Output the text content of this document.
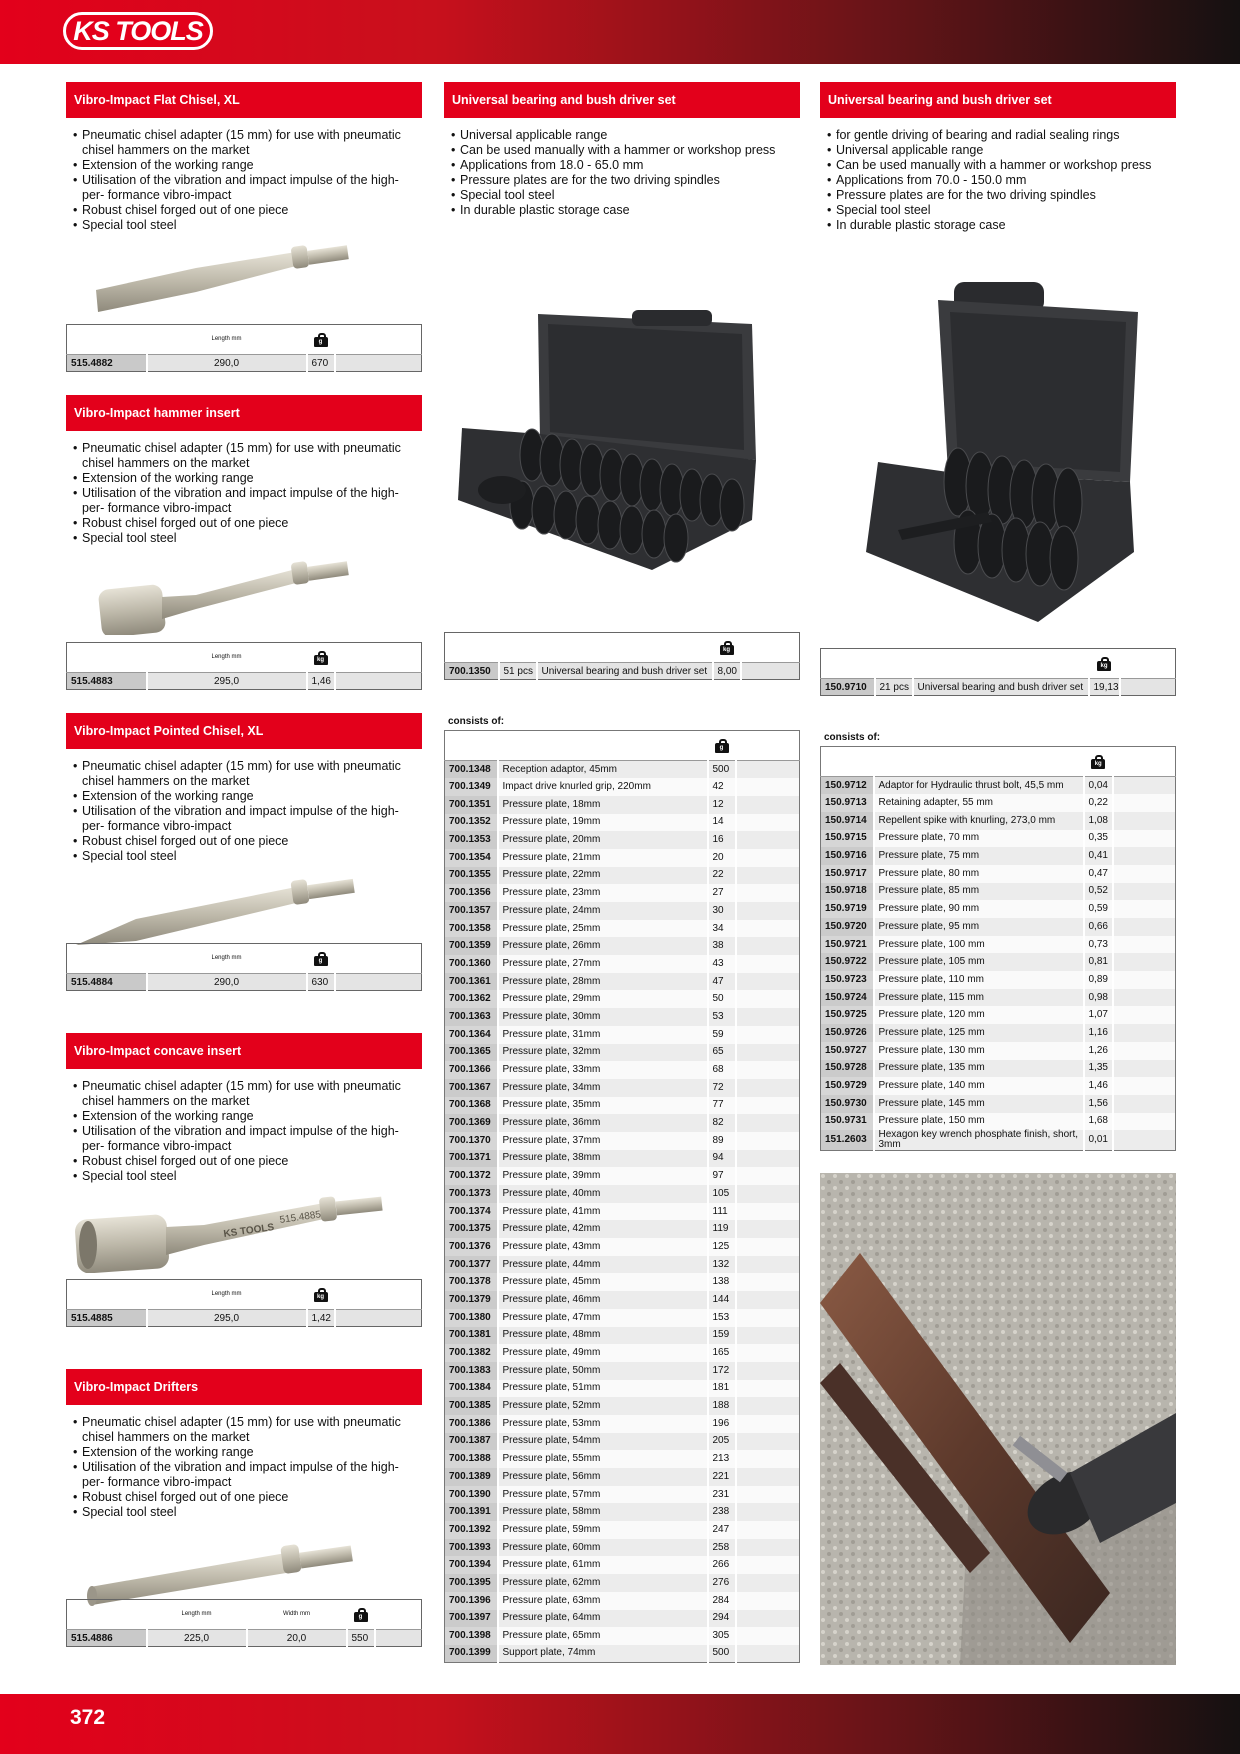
KS TOOLS
372
Vibro-Impact Flat Chisel, XL
• Pneumatic chisel adapter (15 mm) for use with pneumatic chisel hammers on the market
• Extension of the working range
• Utilisation of the vibration and impact impulse of the high-per- formance vibro-impact
• Robust chisel forged out of one piece
• Special tool steel
	Length mm	g	

515.4882	290,0	670	
Vibro-Impact hammer insert
• Pneumatic chisel adapter (15 mm) for use with pneumatic chisel hammers on the market
• Extension of the working range
• Utilisation of the vibration and impact impulse of the high-per- formance vibro-impact
• Robust chisel forged out of one piece
• Special tool steel
	Length mm	kg	

515.4883	295,0	1,46	
Vibro-Impact Pointed Chisel, XL
• Pneumatic chisel adapter (15 mm) for use with pneumatic chisel hammers on the market
• Extension of the working range
• Utilisation of the vibration and impact impulse of the high-per- formance vibro-impact
• Robust chisel forged out of one piece
• Special tool steel
	Length mm	g	

515.4884	290,0	630	
Vibro-Impact concave insert
• Pneumatic chisel adapter (15 mm) for use with pneumatic chisel hammers on the market
• Extension of the working range
• Utilisation of the vibration and impact impulse of the high-per- formance vibro-impact
• Robust chisel forged out of one piece
• Special tool steel
KS TOOLS
515.4885
	Length mm	kg	

515.4885	295,0	1,42	
Vibro-Impact Drifters
• Pneumatic chisel adapter (15 mm) for use with pneumatic chisel hammers on the market
• Extension of the working range
• Utilisation of the vibration and impact impulse of the high-per- formance vibro-impact
• Robust chisel forged out of one piece
• Special tool steel
	Length mm	Width mm	g	

515.4886	225,0	20,0	550	
Universal bearing and bush driver set
• Universal applicable range
• Can be used manually with a hammer or workshop press
• Applications from 18.0 - 65.0 mm
• Pressure plates are for the two driving spindles
• Special tool steel
• In durable plastic storage case

			kg	

700.1350	51 pcs	Universal bearing and bush driver set	8,00	
consists of:

		g	

700.1348	Reception adaptor, 45mm	500	
700.1349	Impact drive knurled grip, 220mm	42	
700.1351	Pressure plate, 18mm	12	
700.1352	Pressure plate, 19mm	14	
700.1353	Pressure plate, 20mm	16	
700.1354	Pressure plate, 21mm	20	
700.1355	Pressure plate, 22mm	22	
700.1356	Pressure plate, 23mm	27	
700.1357	Pressure plate, 24mm	30	
700.1358	Pressure plate, 25mm	34	
700.1359	Pressure plate, 26mm	38	
700.1360	Pressure plate, 27mm	43	
700.1361	Pressure plate, 28mm	47	
700.1362	Pressure plate, 29mm	50	
700.1363	Pressure plate, 30mm	53	
700.1364	Pressure plate, 31mm	59	
700.1365	Pressure plate, 32mm	65	
700.1366	Pressure plate, 33mm	68	
700.1367	Pressure plate, 34mm	72	
700.1368	Pressure plate, 35mm	77	
700.1369	Pressure plate, 36mm	82	
700.1370	Pressure plate, 37mm	89	
700.1371	Pressure plate, 38mm	94	
700.1372	Pressure plate, 39mm	97	
700.1373	Pressure plate, 40mm	105	
700.1374	Pressure plate, 41mm	111	
700.1375	Pressure plate, 42mm	119	
700.1376	Pressure plate, 43mm	125	
700.1377	Pressure plate, 44mm	132	
700.1378	Pressure plate, 45mm	138	
700.1379	Pressure plate, 46mm	144	
700.1380	Pressure plate, 47mm	153	
700.1381	Pressure plate, 48mm	159	
700.1382	Pressure plate, 49mm	165	
700.1383	Pressure plate, 50mm	172	
700.1384	Pressure plate, 51mm	181	
700.1385	Pressure plate, 52mm	188	
700.1386	Pressure plate, 53mm	196	
700.1387	Pressure plate, 54mm	205	
700.1388	Pressure plate, 55mm	213	
700.1389	Pressure plate, 56mm	221	
700.1390	Pressure plate, 57mm	231	
700.1391	Pressure plate, 58mm	238	
700.1392	Pressure plate, 59mm	247	
700.1393	Pressure plate, 60mm	258	
700.1394	Pressure plate, 61mm	266	
700.1395	Pressure plate, 62mm	276	
700.1396	Pressure plate, 63mm	284	
700.1397	Pressure plate, 64mm	294	
700.1398	Pressure plate, 65mm	305	
700.1399	Support plate, 74mm	500	
Universal bearing and bush driver set
• for gentle driving of bearing and radial sealing rings
• Universal applicable range
• Can be used manually with a hammer or workshop press
• Applications from 70.0 - 150.0 mm
• Pressure plates are for the two driving spindles
• Special tool steel
• In durable plastic storage case

			kg	

150.9710	21 pcs	Universal bearing and bush driver set	19,13	
consists of:

		kg	

150.9712	Adaptor for Hydraulic thrust bolt, 45,5 mm	0,04	
150.9713	Retaining adapter, 55 mm	0,22	
150.9714	Repellent spike with knurling, 273,0 mm	1,08	
150.9715	Pressure plate, 70 mm	0,35	
150.9716	Pressure plate, 75 mm	0,41	
150.9717	Pressure plate, 80 mm	0,47	
150.9718	Pressure plate, 85 mm	0,52	
150.9719	Pressure plate, 90 mm	0,59	
150.9720	Pressure plate, 95 mm	0,66	
150.9721	Pressure plate, 100 mm	0,73	
150.9722	Pressure plate, 105 mm	0,81	
150.9723	Pressure plate, 110 mm	0,89	
150.9724	Pressure plate, 115 mm	0,98	
150.9725	Pressure plate, 120 mm	1,07	
150.9726	Pressure plate, 125 mm	1,16	
150.9727	Pressure plate, 130 mm	1,26	
150.9728	Pressure plate, 135 mm	1,35	
150.9729	Pressure plate, 140 mm	1,46	
150.9730	Pressure plate, 145 mm	1,56	
150.9731	Pressure plate, 150 mm	1,68	
151.2603	Hexagon key wrench phosphate finish, short, 3mm	0,01	
